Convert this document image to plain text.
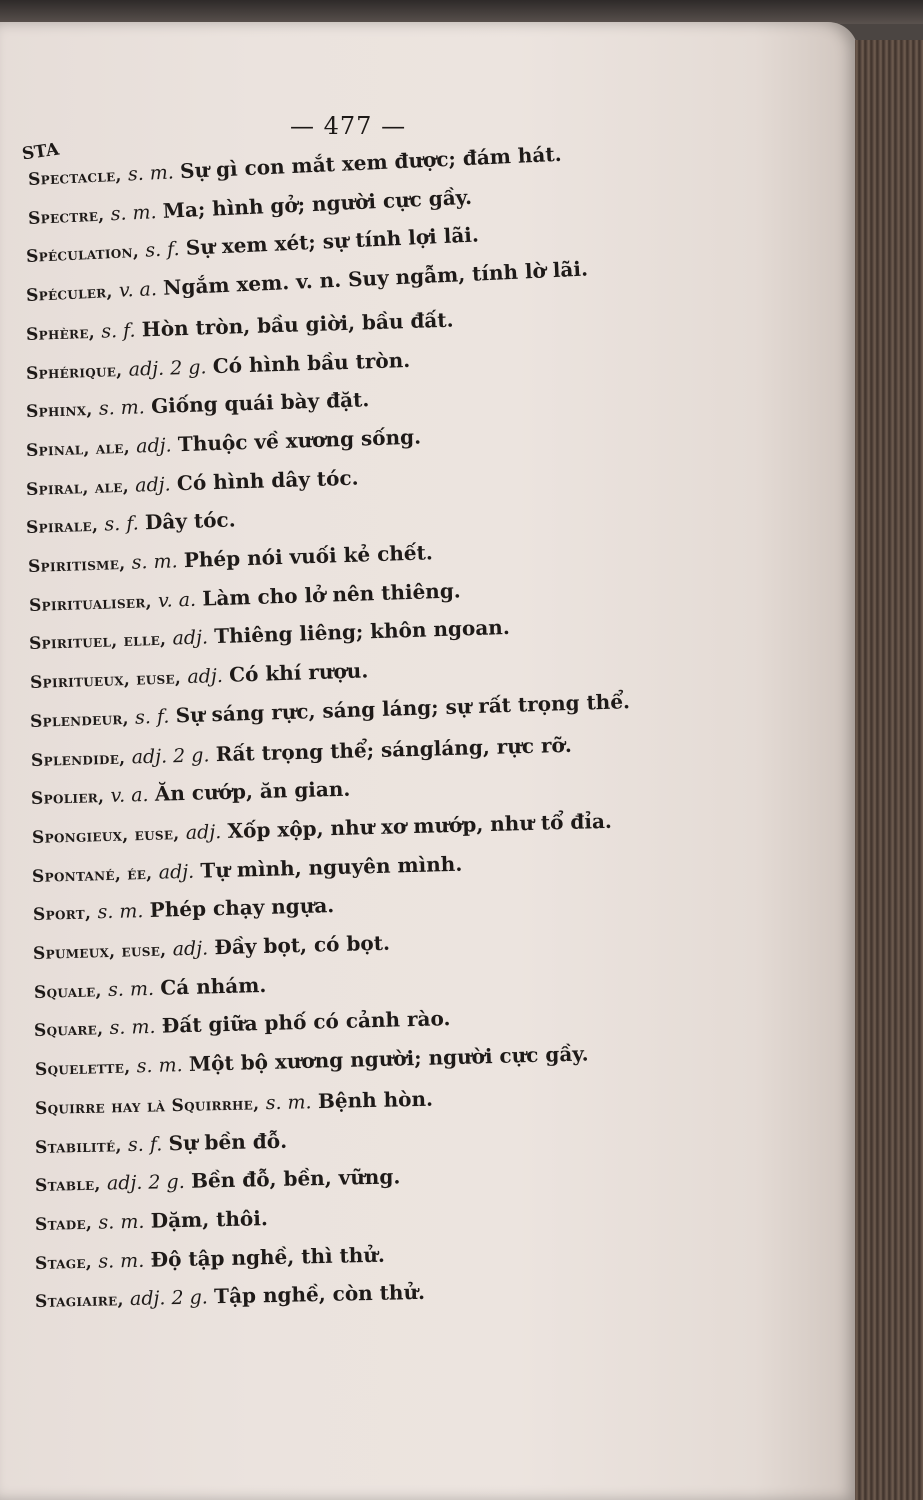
— 477 —
STA
Spectacle, s. m. Sự gì con mắt xem được; đám hát.
Spectre, s. m. Ma; hình gở; người cực gầy.
Spéculation, s. f. Sự xem xét; sự tính lợi lãi.
Spéculer, v. a. Ngắm xem. v. n. Suy ngẫm, tính lờ lãi.
Sphère, s. f. Hòn tròn, bầu giời, bầu đất.
Sphérique, adj. 2 g. Có hình bầu tròn.
Sphinx, s. m. Giống quái bày đặt.
Spinal, ale, adj. Thuộc về xương sống.
Spiral, ale, adj. Có hình dây tóc.
Spirale, s. f. Dây tóc.
Spiritisme, s. m. Phép nói vuối kẻ chết.
Spiritualiser, v. a. Làm cho lở nên thiêng.
Spirituel, elle, adj. Thiêng liêng; khôn ngoan.
Spiritueux, euse, adj. Có khí rượu.
Splendeur, s. f. Sự sáng rực, sáng láng; sự rất trọng thể.
Splendide, adj. 2 g. Rất trọng thể; sángláng, rực rỡ.
Spolier, v. a. Ăn cướp, ăn gian.
Spongieux, euse, adj. Xốp xộp, như xơ mướp, như tổ đỉa.
Spontané, ée, adj. Tự mình, nguyên mình.
Sport, s. m. Phép chạy ngựa.
Spumeux, euse, adj. Đầy bọt, có bọt.
Squale, s. m. Cá nhám.
Square, s. m. Đất giữa phố có cảnh rào.
Squelette, s. m. Một bộ xương người; người cực gầy.
Squirre hay là Squirrhe, s. m. Bệnh hòn.
Stabilité, s. f. Sự bền đỗ.
Stable, adj. 2 g. Bền đỗ, bền, vững.
Stade, s. m. Dặm, thôi.
Stage, s. m. Độ tập nghề, thì thử.
Stagiaire, adj. 2 g. Tập nghề, còn thử.
